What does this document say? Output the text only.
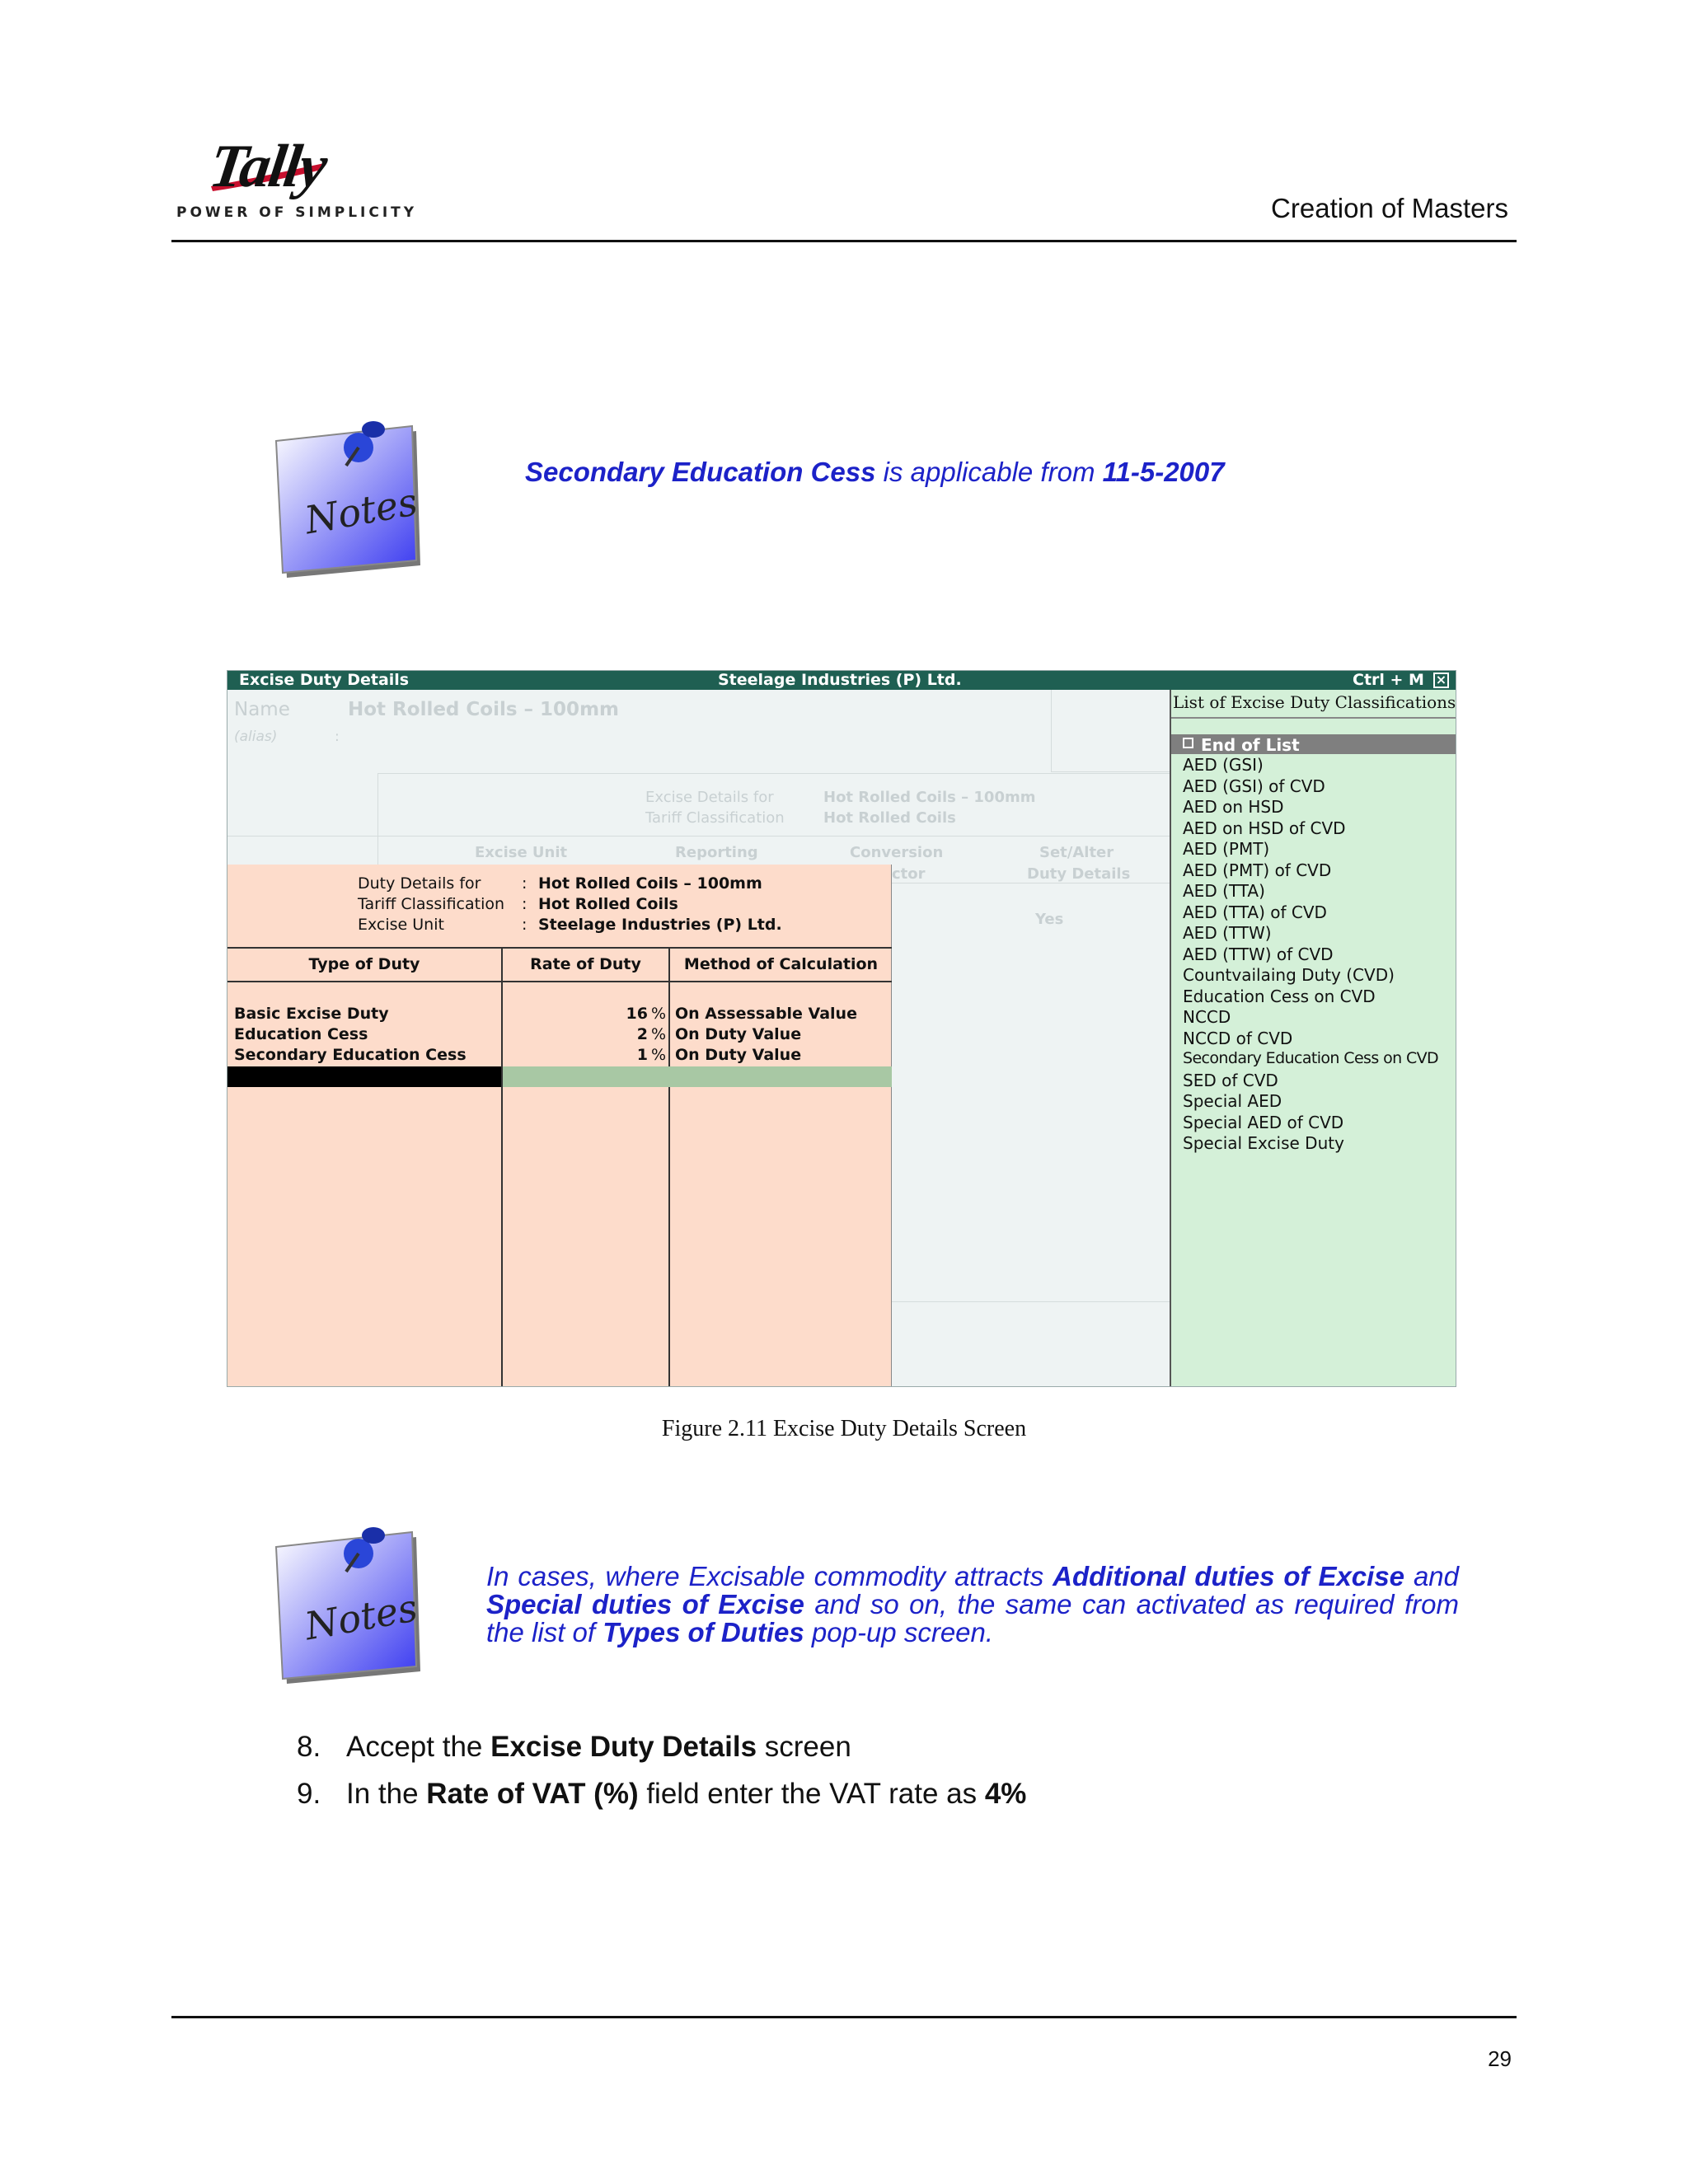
Tally
POWER OF SIMPLICITY	Creation of Masters
Notes
Secondary Education Cess is applicable from 11-5-2007
Excise Duty Details	Steelage Industries (P) Ltd.	Ctrl + M ×
Name	Hot Rolled Coils – 100mm
(alias)	:
Excise Details for	Hot Rolled Coils – 100mm
Tariff Classification	Hot Rolled Coils
Excise Unit	Reporting	Conversion
ctor
Set/Alter
Duty Details
Yes
Duty Details for	: Hot Rolled Coils – 100mm
Tariff Classification : Hot Rolled Coils
Excise Unit	: Steelage Industries (P) Ltd.
Type of Duty	Rate of Duty	Method of Calculation
Basic Excise Duty	16 % On Assessable Value
Education Cess	2 % On Duty Value
Secondary Education Cess	1 % On Duty Value
List of Excise Duty Classifications
End of List
AED (GSI)
AED (GSI) of CVD
AED on HSD
AED on HSD of CVD
AED (PMT)
AED (PMT) of CVD
AED (TTA)
AED (TTA) of CVD
AED (TTW)
AED (TTW) of CVD
Countvailaing Duty (CVD)
Education Cess on CVD
NCCD
NCCD of CVD
Secondary Education Cess on CVD
SED of CVD
Special AED
Special AED of CVD
Special Excise Duty
Figure 2.11 Excise Duty Details Screen
Notes
In cases, where Excisable commodity attracts Additional duties of Excise and Special duties of Excise and so on, the same can activated as required from the list of Types of Duties pop-up screen.
8. Accept the Excise Duty Details screen
9. In the Rate of VAT (%) field enter the VAT rate as 4%
29
